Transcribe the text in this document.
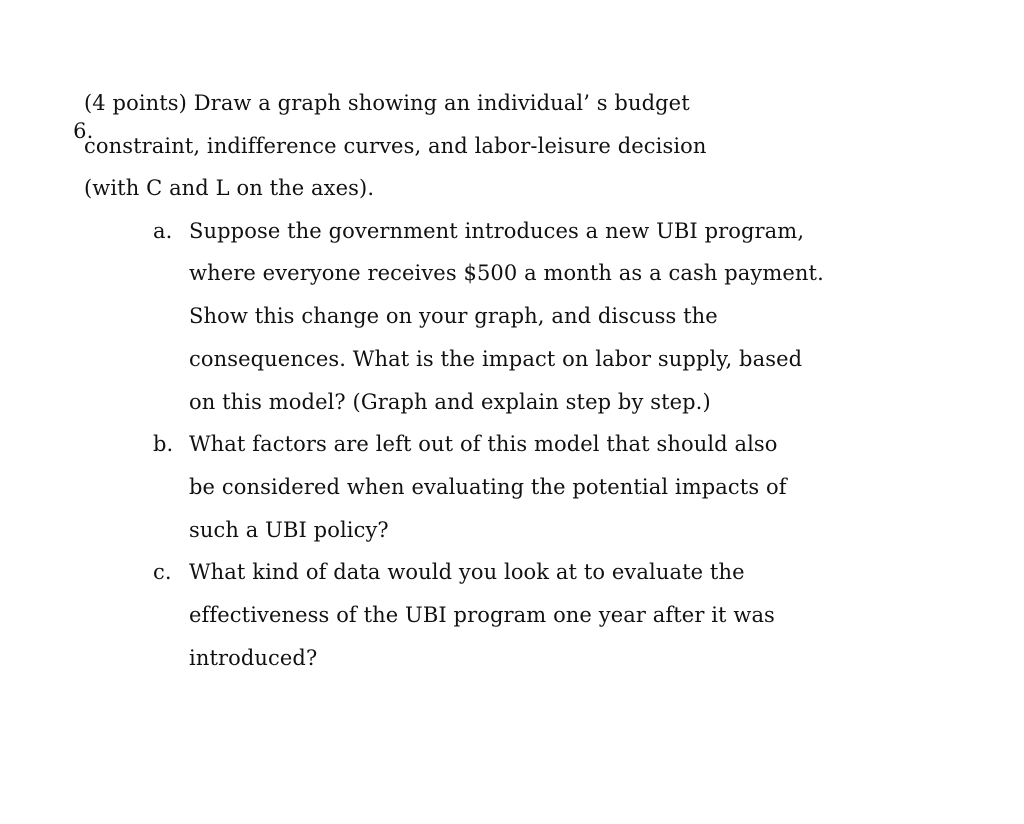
6.

(4 points) Draw a graph showing an individual’ s budget
constraint, indifference curves, and labor-leisure decision
(with C and L on the axes).
a. Suppose the government introduces a new UBI program,
where everyone receives $500 a month as a cash payment.
Show this change on your graph, and discuss the
consequences. What is the impact on labor supply, based
on this model? (Graph and explain step by step.)
b. What factors are left out of this model that should also
be considered when evaluating the potential impacts of
such a UBI policy?
c. What kind of data would you look at to evaluate the
effectiveness of the UBI program one year after it was
introduced?
